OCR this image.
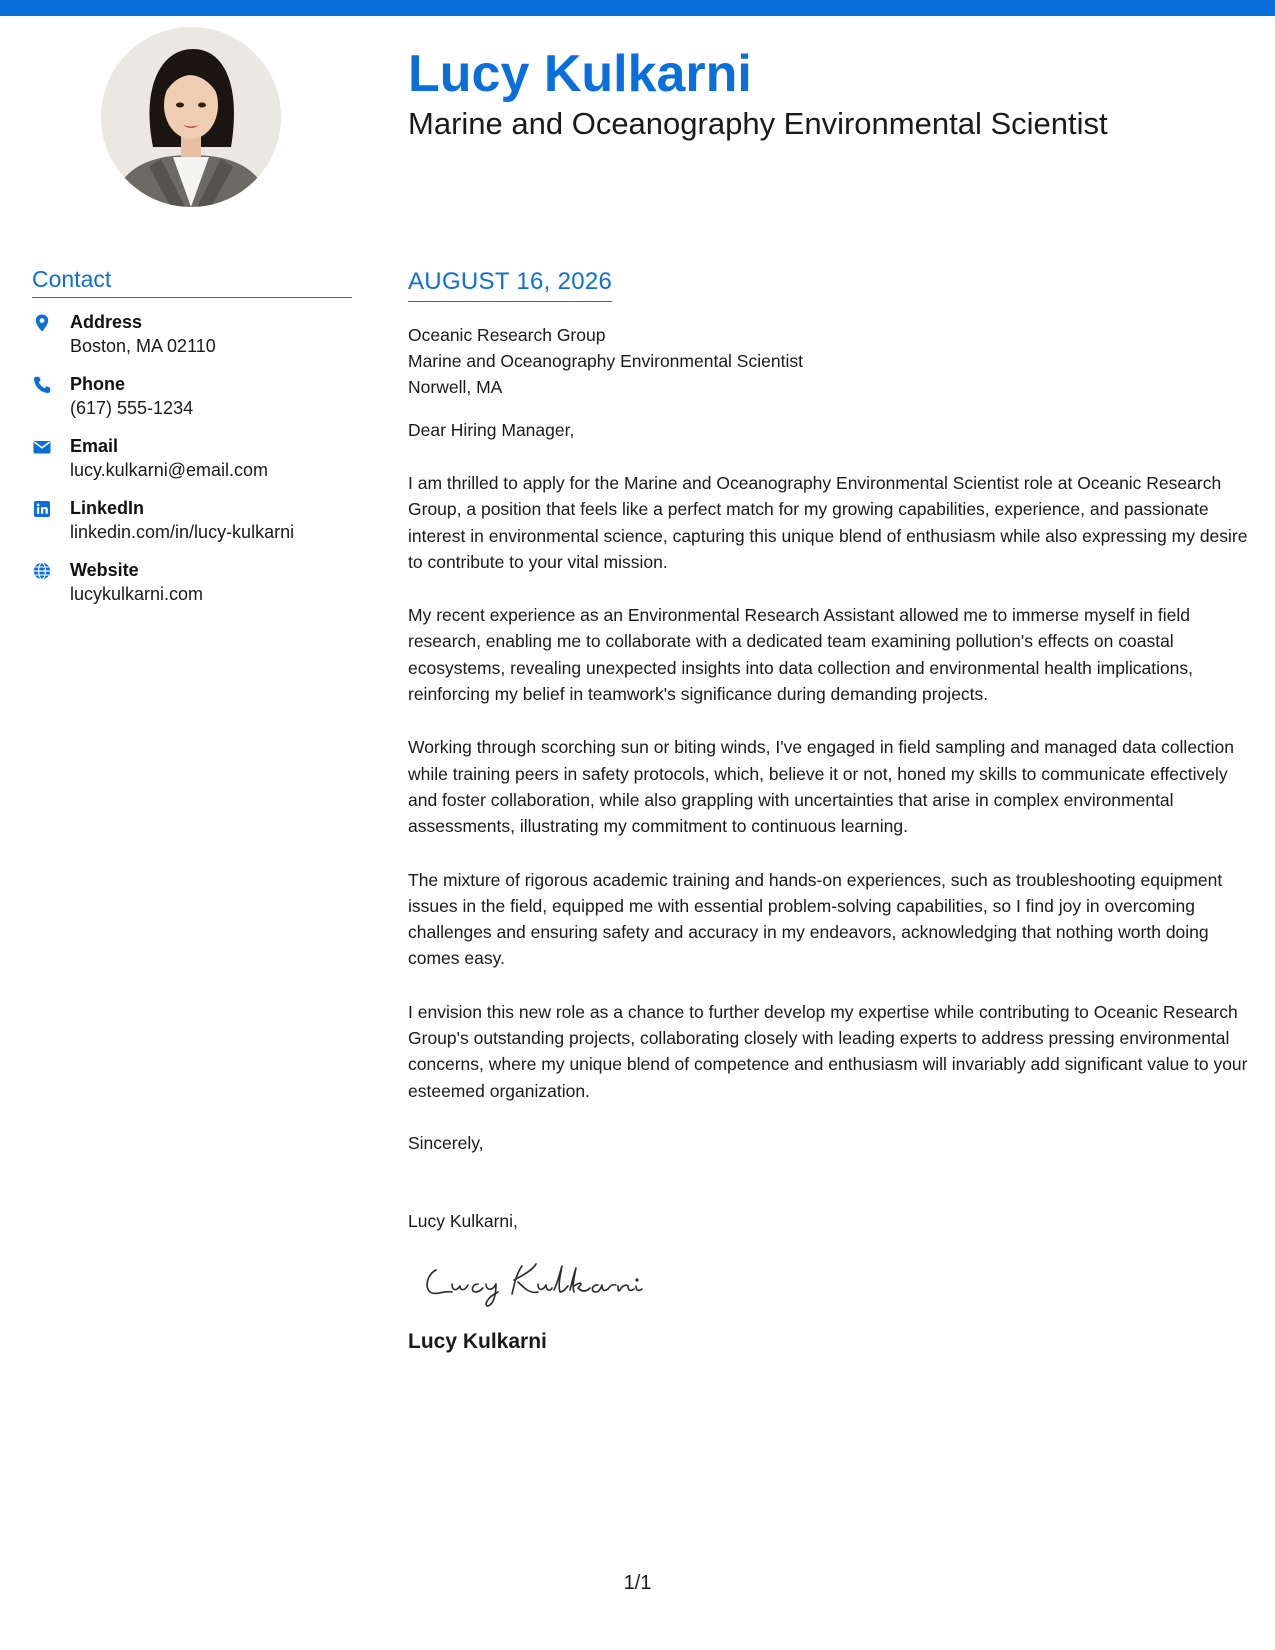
Lucy Kulkarni
Marine and Oceanography Environmental Scientist
Contact
Address
Boston, MA 02110
Phone
(617) 555-1234
Email
lucy.kulkarni@email.com
LinkedIn
linkedin.com/in/lucy-kulkarni
Website
lucykulkarni.com
AUGUST 16, 2026
Oceanic Research Group
Marine and Oceanography Environmental Scientist
Norwell, MA
Dear Hiring Manager,

I am thrilled to apply for the Marine and Oceanography Environmental Scientist role at Oceanic Research Group, a position that feels like a perfect match for my growing capabilities, experience, and passionate interest in environmental science, capturing this unique blend of enthusiasm while also expressing my desire to contribute to your vital mission.

My recent experience as an Environmental Research Assistant allowed me to immerse myself in field research, enabling me to collaborate with a dedicated team examining pollution's effects on coastal ecosystems, revealing unexpected insights into data collection and environmental health implications, reinforcing my belief in teamwork's significance during demanding projects.

Working through scorching sun or biting winds, I've engaged in field sampling and managed data collection while training peers in safety protocols, which, believe it or not, honed my skills to communicate effectively and foster collaboration, while also grappling with uncertainties that arise in complex environmental assessments, illustrating my commitment to continuous learning.

The mixture of rigorous academic training and hands-on experiences, such as troubleshooting equipment issues in the field, equipped me with essential problem-solving capabilities, so I find joy in overcoming challenges and ensuring safety and accuracy in my endeavors, acknowledging that nothing worth doing comes easy.

I envision this new role as a chance to further develop my expertise while contributing to Oceanic Research Group's outstanding projects, collaborating closely with leading experts to address pressing environmental concerns, where my unique blend of competence and enthusiasm will invariably add significant value to your esteemed organization.

Sincerely,
Lucy Kulkarni,
Lucy Kulkarni
1/1
